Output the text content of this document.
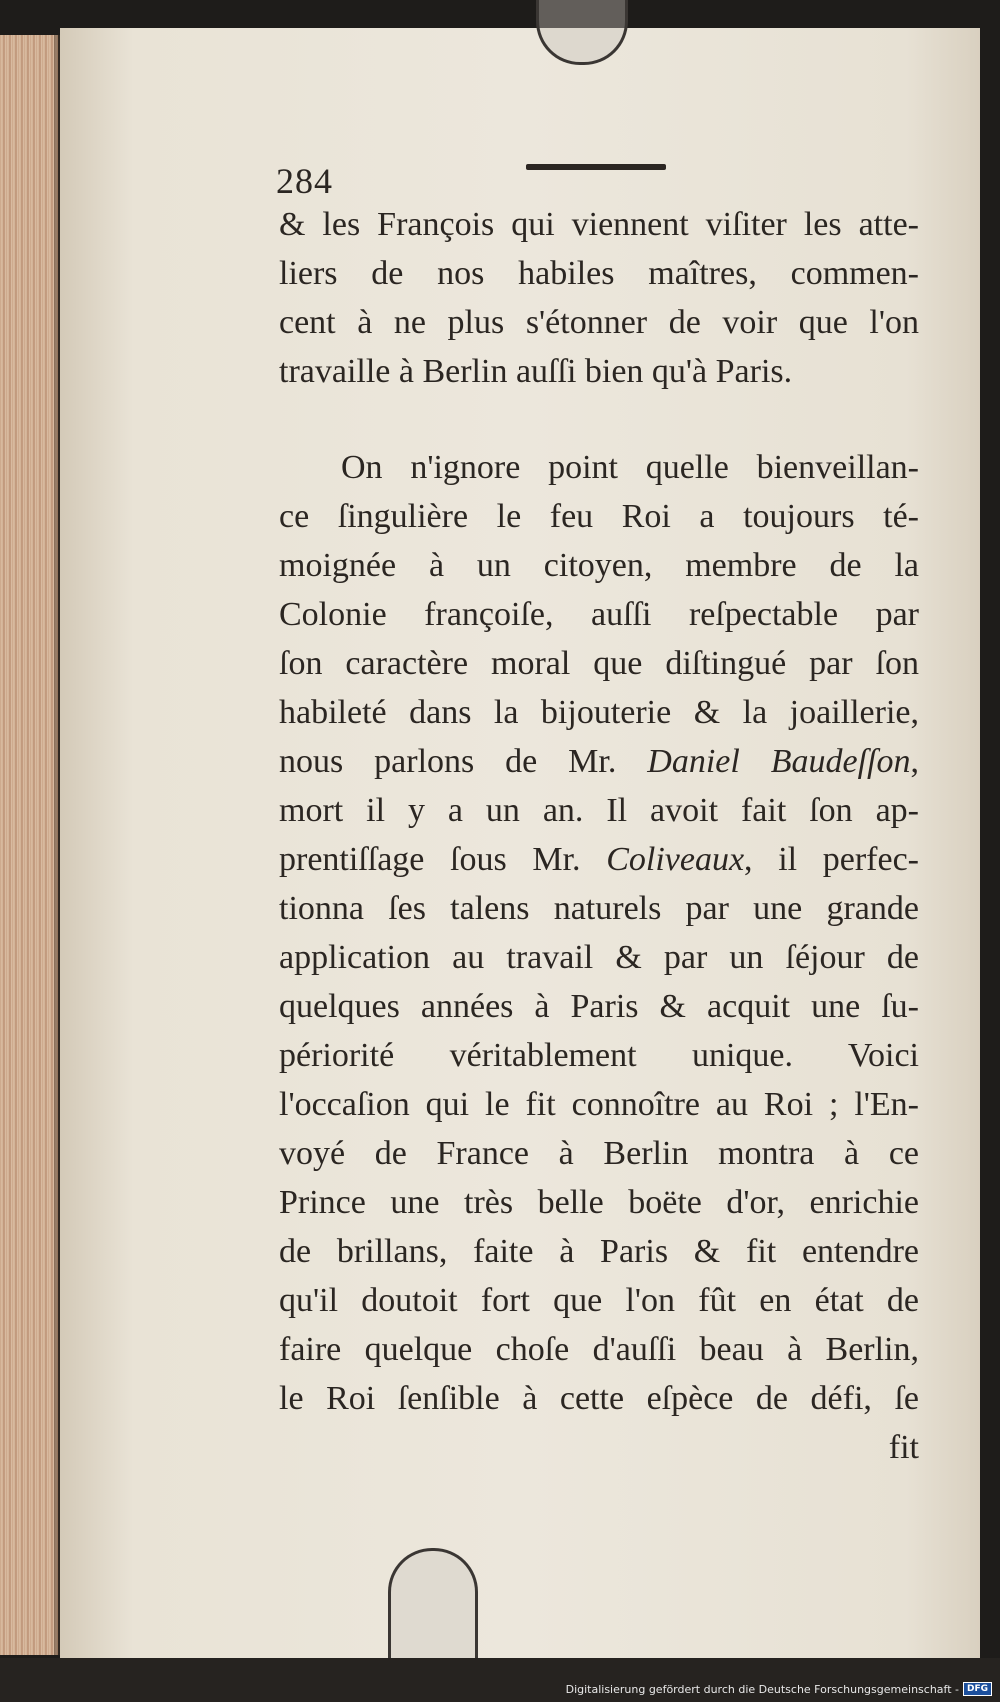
284
& les François qui viennent viſiter les atte-
liers de nos habiles maîtres, commen-
cent à ne plus s'étonner de voir que l'on
travaille à Berlin auſſi bien qu'à Paris.
On n'ignore point quelle bienveillan-
ce ſingulière le feu Roi a toujours té-
moignée à un citoyen, membre de la
Colonie françoiſe, auſſi reſpectable par
ſon caractère moral que diſtingué par ſon
habileté dans la bijouterie & la joaillerie,
nous parlons de Mr. Daniel Baudeſſon,
mort il y a un an. Il avoit fait ſon ap-
prentiſſage ſous Mr. Coliveaux, il perfec-
tionna ſes talens naturels par une grande
application au travail & par un ſéjour de
quelques années à Paris & acquit une ſu-
périorité véritablement unique. Voici
l'occaſion qui le fit connoître au Roi ; l'En-
voyé de France à Berlin montra à ce
Prince une très belle boëte d'or, enrichie
de brillans, faite à Paris & fit entendre
qu'il doutoit fort que l'on fût en état de
faire quelque choſe d'auſſi beau à Berlin,
le Roi ſenſible à cette eſpèce de défi, ſe
fit
Digitalisierung gefördert durch die Deutsche Forschungsgemeinschaft - DFG
